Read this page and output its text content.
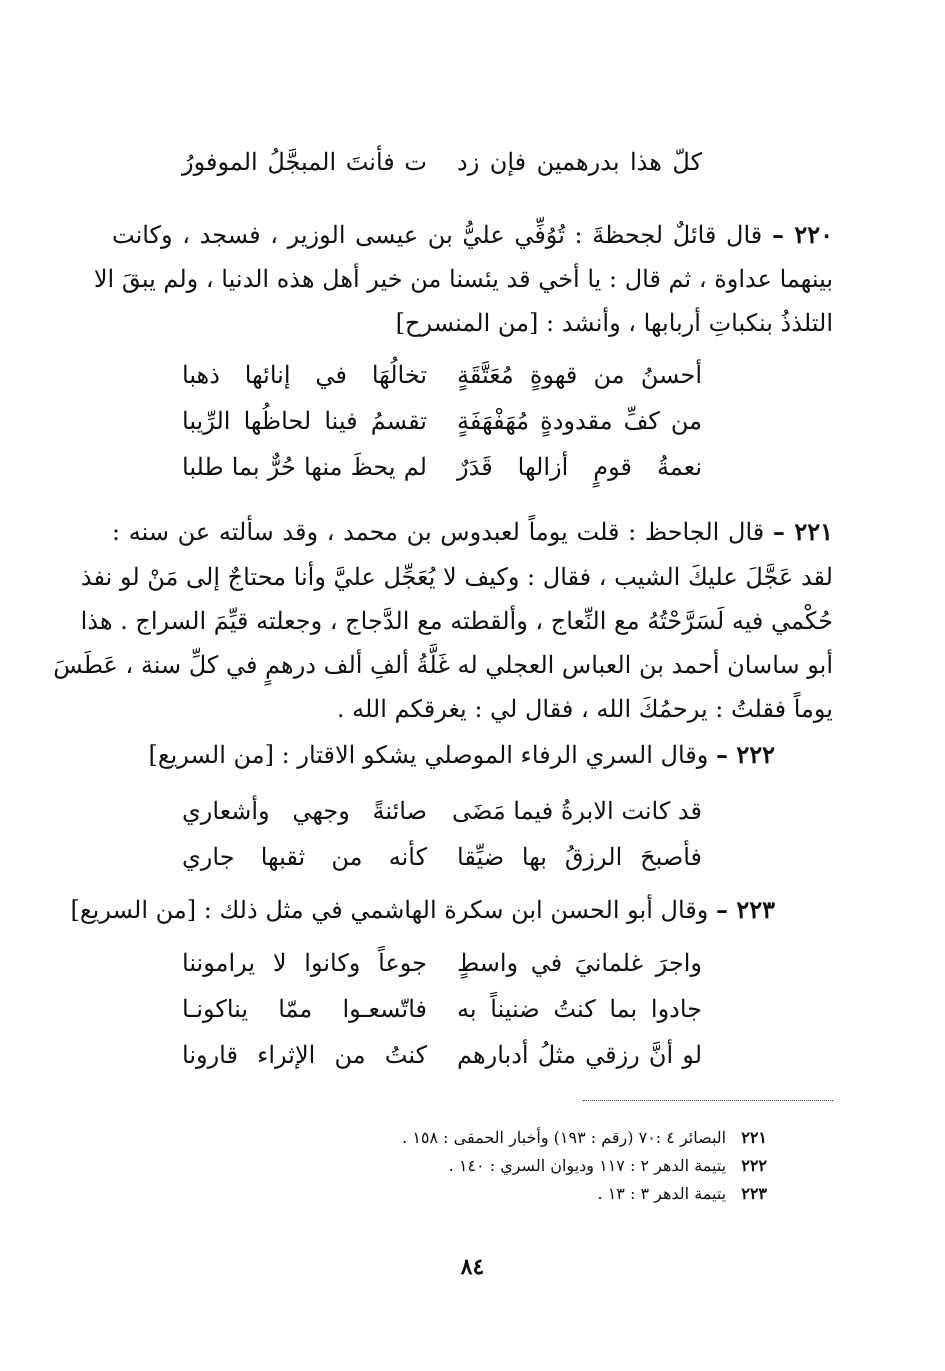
كلّ هذا بدرهمين فإن زد
ت فأنتَ المبجَّلُ الموفورُ
٢٢٠ – قال قائلٌ لجحظةَ : تُوُفِّي عليُّ بن عيسى الوزير ، فسجد ، وكانت
بينهما عداوة ، ثم قال : يا أخي قد يئسنا من خير أهل هذه الدنيا ، ولم يبقَ الا
التلذذُ بنكباتِ أربابها ، وأنشد : [من المنسرح]
أحسنُ من قهوةٍ مُعَتَّقَةٍ
تخالُهَا في إنائها ذهبا
من كفِّ مقدودةٍ مُهَفْهَفَةٍ
تقسمُ فينا لحاظُها الرِّيبا
نعمةُ قومٍ أزالها قَدَرٌ
لم يحظَ منها حُرٌّ بما طلبا
٢٢١ – قال الجاحظ : قلت يوماً لعبدوس بن محمد ، وقد سألته عن سنه :
لقد عَجَّلَ عليكَ الشيب ، فقال : وكيف لا يُعَجِّل عليَّ وأنا محتاجٌ إلى مَنْ لو نفذ
حُكْمي فيه لَسَرَّحْتُهُ مع النِّعاج ، وألقطته مع الدَّجاج ، وجعلته قيِّمَ السراج . هذا
أبو ساسان أحمد بن العباس العجلي له غَلَّةُ ألفِ ألف درهمٍ في كلِّ سنة ، عَطَسَ
يوماً فقلتُ : يرحمُكَ الله ، فقال لي : يغرقكم الله .
٢٢٢ – وقال السري الرفاء الموصلي يشكو الاقتار : [من السريع]
قد كانت الابرةُ فيما مَضَى
صائنةً وجهي وأشعاري
فأصبحَ الرزقُ بها ضيِّقا
كأنه من ثقبها جاري
٢٢٣ – وقال أبو الحسن ابن سكرة الهاشمي في مثل ذلك : [من السريع]
واجرَ غلمانيَ في واسطٍ
جوعاً وكانوا لا يراموننا
جادوا بما كنتُ ضنيناً به
فاتّسعـوا ممّا يناكونـا
لو أنَّ رزقي مثلُ أدبارهم
كنتُ من الإثراء قارونا
٢٢١ البصائر ٤ :٧٠ (رقم : ١٩٣) وأخبار الحمقى : ١٥٨ .
٢٢٢ يتيمة الدهر ٢ : ١١٧ وديوان السري : ١٤٠ .
٢٢٣ يتيمة الدهر ٣ : ١٣ .
٨٤
